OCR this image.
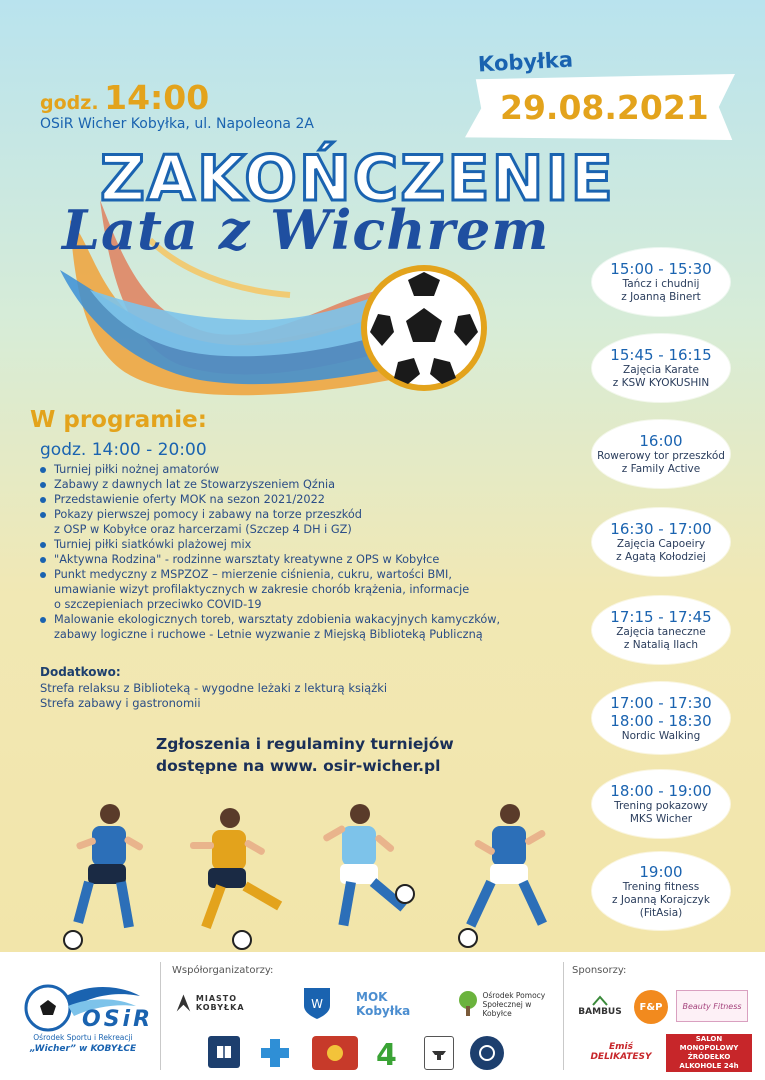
godz. 14:00
OSiR Wicher Kobyłka, ul. Napoleona 2A
Kobyłka
29.08.2021
ZAKOŃCZENIE
Lata z Wichrem
W programie:
godz. 14:00 - 20:00
Turniej piłki nożnej amatorów
Zabawy z dawnych lat ze Stowarzyszeniem Qźnia
Przedstawienie oferty MOK na sezon 2021/2022
Pokazy pierwszej pomocy i zabawy na torze przeszkód
z OSP w Kobyłce oraz harcerzami (Szczep 4 DH i GZ)
Turniej piłki siatkówki plażowej mix
"Aktywna Rodzina" - rodzinne warsztaty kreatywne z OPS w Kobyłce
Punkt medyczny z MSPZOZ – mierzenie ciśnienia, cukru, wartości BMI,
umawianie wizyt profilaktycznych w zakresie chorób krążenia, informacje
o szczepieniach przeciwko COVID-19
Malowanie ekologicznych toreb, warsztaty zdobienia wakacyjnych kamyczków,
zabawy logiczne i ruchowe - Letnie wyzwanie z Miejską Biblioteką Publiczną
Dodatkowo:
Strefa relaksu z Biblioteką - wygodne leżaki z lekturą książki
Strefa zabawy i gastronomii
Zgłoszenia i regulaminy turniejów
dostępne na www. osir-wicher.pl
15:00 - 15:30
Tańcz i chudnij
z Joanną Binert
15:45 - 16:15
Zajęcia Karate
z KSW KYOKUSHIN
16:00
Rowerowy tor przeszkód
z Family Active
16:30 - 17:00
Zajęcia Capoeiry
z Agatą Kołodziej
17:15 - 17:45
Zajęcia taneczne
z Natalią Ilach
17:00 - 17:30
18:00 - 18:30
Nordic Walking
18:00 - 19:00
Trening pokazowy
MKS Wicher
19:00
Trening fitness
z Joanną Korajczyk
(FitAsia)
OSiR
Ośrodek Sportu i Rekreacji
„Wicher” w KOBYŁCE
Współorganizatorzy:	Sponsorzy:
MIASTO KOBYŁKA	W	MOK Kobyłka
Ośrodek Pomocy Społecznej w Kobyłce
4
BAMBUS F&P	Beauty Fitness
Emiś DELIKATESY
SALON MONOPOLOWY ŹRÓDEŁKO ALKOHOLE 24h
